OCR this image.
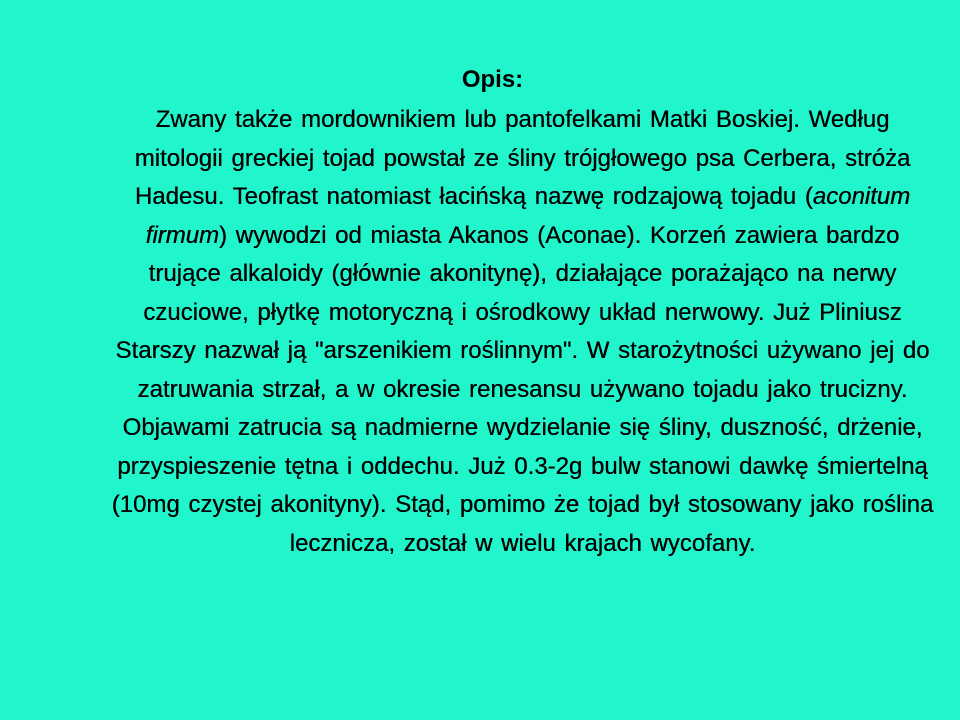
Opis:

Zwany także mordownikiem lub pantofelkami Matki Boskiej. Według mitologii greckiej tojad powstał ze śliny trójgłowego psa Cerbera, stróża Hadesu. Teofrast natomiast łacińską nazwę rodzajową tojadu (aconitum firmum) wywodzi od miasta Akanos (Aconae). Korzeń zawiera bardzo trujące alkaloidy (głównie akonitynę), działające porażająco na nerwy czuciowe, płytkę motoryczną i ośrodkowy układ nerwowy. Już Pliniusz Starszy nazwał ją "arszenikiem roślinnym". W starożytności używano jej do zatruwania strzał, a w okresie renesansu używano tojadu jako trucizny. Objawami zatrucia są nadmierne wydzielanie się śliny, duszność, drżenie, przyspieszenie tętna i oddechu. Już 0.3-2g bulw stanowi dawkę śmiertelną (10mg czystej akonityny). Stąd, pomimo że tojad był stosowany jako roślina lecznicza, został w wielu krajach wycofany.
